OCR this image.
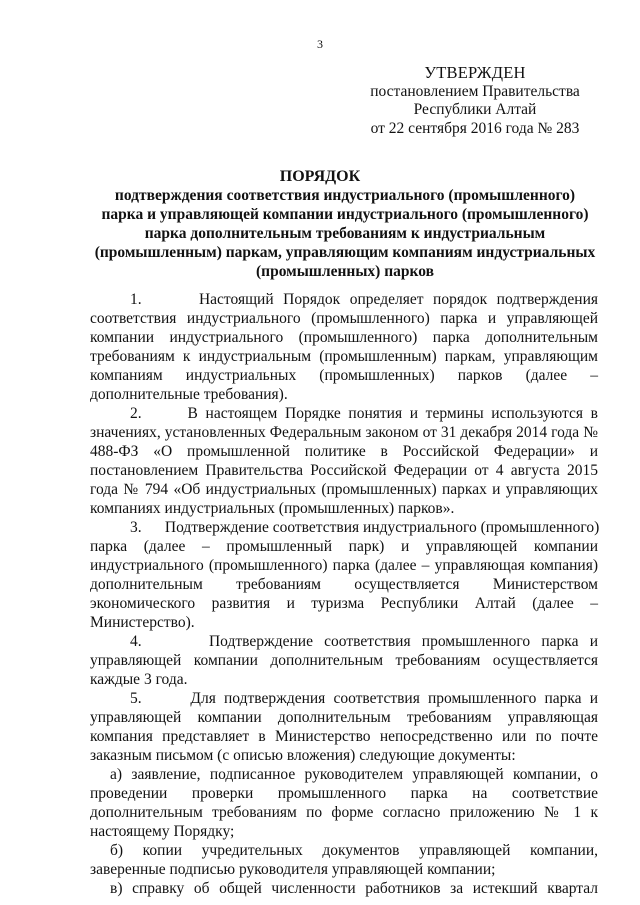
3
УТВЕРЖДЕН
постановлением Правительства
Республики Алтай
от 22 сентября 2016 года № 283
ПОРЯДОК
подтверждения соответствия индустриального (промышленного)
парка и управляющей компании индустриального (промышленного)
парка дополнительным требованиям к индустриальным
(промышленным) паркам, управляющим компаниям индустриальных
(промышленных) парков
1.      Настоящий Порядок определяет порядок подтверждения
соответствия индустриального (промышленного) парка и управляющей
компании индустриального (промышленного) парка дополнительным
требованиям к индустриальным (промышленным) паркам, управляющим
компаниям индустриальных (промышленных) парков (далее –
дополнительные требования).
2.      В настоящем Порядке понятия и термины используются в
значениях, установленных Федеральным законом от 31 декабря 2014 года №
488-ФЗ «О промышленной политике в Российской Федерации» и
постановлением Правительства Российской Федерации от 4 августа 2015
года № 794 «Об индустриальных (промышленных) парках и управляющих
компаниях индустриальных (промышленных) парков».
3.      Подтверждение соответствия индустриального (промышленного)
парка (далее – промышленный парк) и управляющей компании
индустриального (промышленного) парка (далее – управляющая компания)
дополнительным требованиям осуществляется Министерством
экономического развития и туризма Республики Алтай (далее –
Министерство).
4.      Подтверждение соответствия промышленного парка и
управляющей компании дополнительным требованиям осуществляется
каждые 3 года.
5.      Для подтверждения соответствия промышленного парка и
управляющей компании дополнительным требованиям управляющая
компания представляет в Министерство непосредственно или по почте
заказным письмом (с описью вложения) следующие документы:
а) заявление, подписанное руководителем управляющей компании, о
проведении проверки промышленного парка на соответствие
дополнительным требованиям по форме согласно приложению № 1 к
настоящему Порядку;
б) копии учредительных документов управляющей компании,
заверенные подписью руководителя управляющей компании;
в) справку об общей численности работников за истекший квартал
